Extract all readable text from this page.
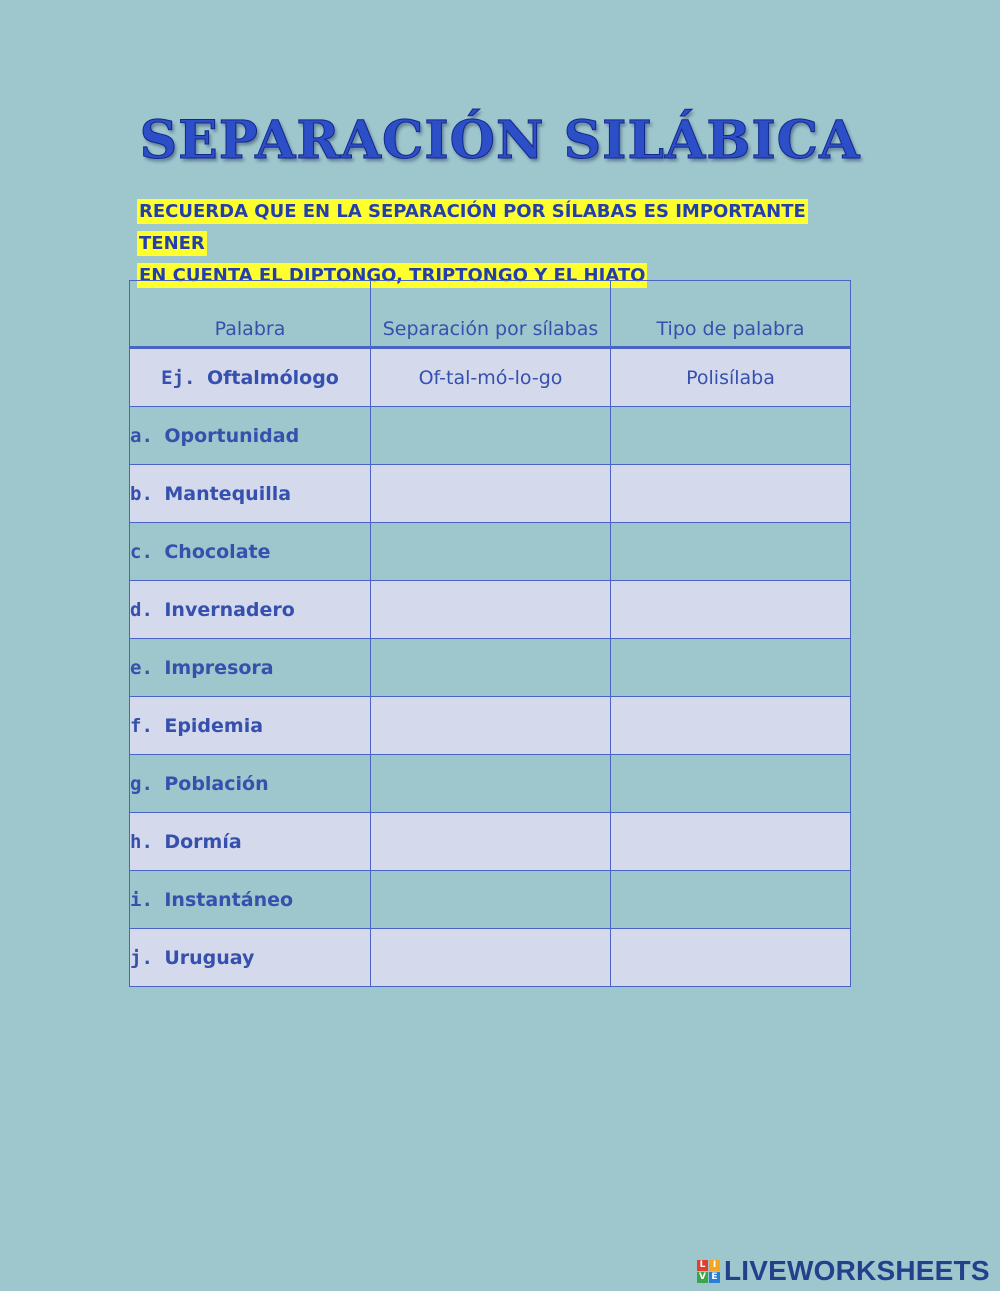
SEPARACIÓN SILÁBICA
RECUERDA QUE EN LA SEPARACIÓN POR SÍLABAS ES IMPORTANTE TENER
EN CUENTA EL DIPTONGO, TRIPTONGO Y EL HIATO
Palabra	Separación por sílabas	Tipo de palabra
Ej. Oftalmólogo	Of-tal-mó-lo-go	Polisílaba
a. Oportunidad		
b. Mantequilla		
c. Chocolate		
d. Invernadero		
e. Impresora		
f. Epidemia		
g. Población		
h. Dormía		
i. Instantáneo		
j. Uruguay		
L I
V E LIVEWORKSHEETS
